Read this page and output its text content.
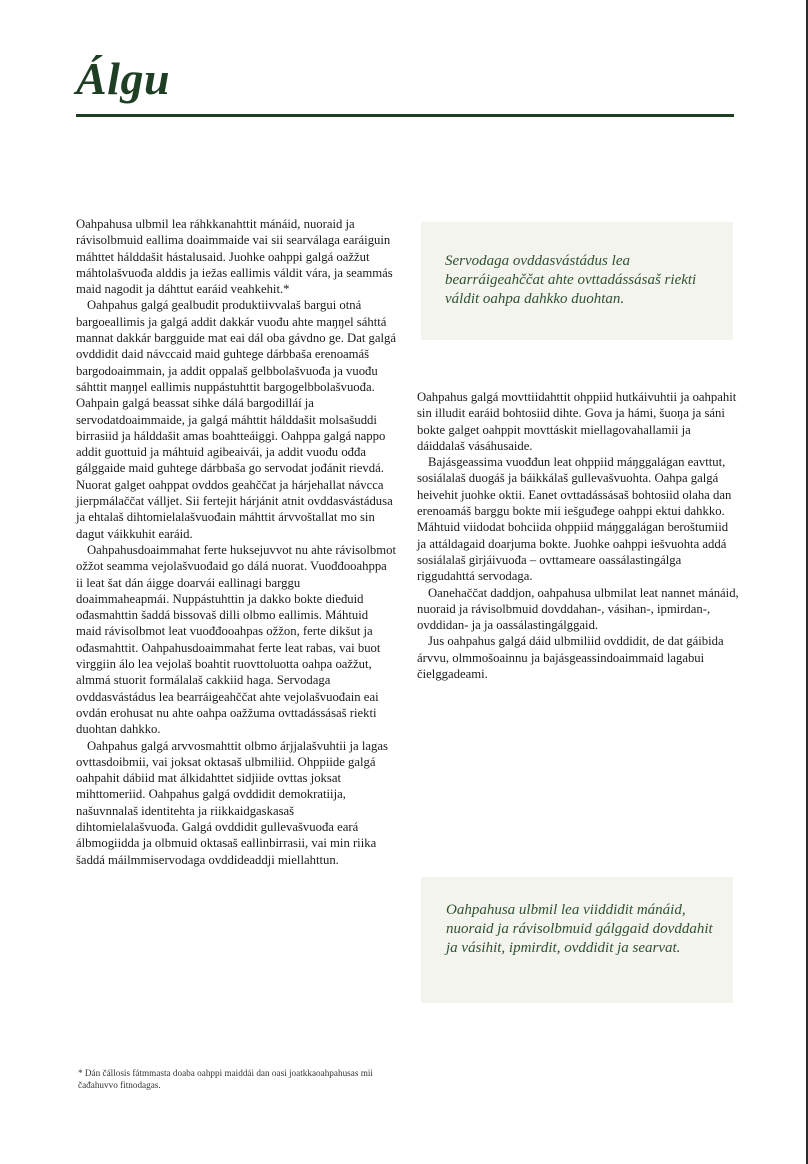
Álgu

Oahpahusa ulbmil lea ráhkkanahttit mánáid, nuoraid ja rávisolbmuid eallima doaimmaide vai sii searválaga earáiguin máhttet hálddašit hástalusaid. Juohke oahppi galgá oažžut máhtolašvuođa alddis ja iežas eallimis váldit vára, ja seammás maid nagodit ja dáhttut earáid veahkehit.*

Oahpahus galgá gealbudit produktiivvalaš bargui otná bargoeallimis ja galgá addit dakkár vuođu ahte maŋŋel sáhttá mannat dakkár bargguide mat eai dál oba gávdno ge. Dat galgá ovddidit daid návccaid maid guhtege dárbbaša erenoamáš bargodoaimmain, ja addit oppalaš gelbbolašvuođa ja vuođu sáhttit maŋŋel eallimis nuppástuhttit bargogelbbolašvuođa. Oahpain galgá beassat sihke dálá bargodilláí ja servodatdoaimmaide, ja galgá máhttit hálddašit molsašuddi birrasiid ja hálddašit amas boahtteáiggi. Oahppa galgá nappo addit guottuid ja máhtuid agibeaivái, ja addit vuođu ođđa gálggaide maid guhtege dárbbaša go servodat jođánit rievdá. Nuorat galget oahppat ovddos geahččat ja hárjehallat návcca jierpmálaččat válljet. Sii fertejit hárjánit atnit ovddasvástádusa ja ehtalaš dihtomielalašvuođain máhttit árvvoštallat mo sin dagut váikkuhit earáid.

Oahpahusdoaimmahat ferte huksejuvvot nu ahte rávisolbmot ožžot seamma vejolašvuođaid go dálá nuorat. Vuođđooahppa ii leat šat dán áigge doarvái eallinagi barggu doaimmaheapmái. Nuppástuhttin ja dakko bokte dieđuid ođasmahttin šaddá bissovaš dilli olbmo eallimis. Máhtuid maid rávisolbmot leat vuođđooahpas ožžon, ferte dikšut ja ođasmahttit. Oahpahusdoaimmahat ferte leat rabas, vai buot virggiin álo lea vejolaš boahtit ruovttoluotta oahpa oažžut, almmá stuorit formálalaš cakkiid haga. Servodaga ovddasvástádus lea bearráigeahččat ahte vejolašvuođain eai ovdán erohusat nu ahte oahpa oažžuma ovttadássásaš riekti duohtan dahkko.

Oahpahus galgá arvvosmahttit olbmo árjjalašvuhtii ja lagas ovttasdoibmii, vai joksat oktasaš ulbmiliid. Ohppiide galgá oahpahit dábiid mat álkidahttet sidjiide ovttas joksat mihttomeriid. Oahpahus galgá ovddidit demokratiija, našuvnnalaš identitehta ja riikkaidgaskasaš dihtomielalašvuođa. Galgá ovddidit gullevašvuođa eará álbmogiidda ja olbmuid oktasaš eallinbirrasii, vai min riika šaddá máilmmiservodaga ovddideaddji miellahttun.

Servodaga ovddasvástádus lea bearráigeahččat ahte ovttadássásaš riekti váldit oahpa dahkko duohtan.

Oahpahus galgá movttiidahttit ohppiid hutkáivuhtii ja oahpahit sin illudit earáid bohtosiid dihte. Gova ja hámi, šuoŋa ja sáni bokte galget oahppit movttáskit miellagovahallamii ja dáiddalaš vásáhusaide.

Bajásgeassima vuođđun leat ohppiid máŋggalágan eavttut, sosiálalaš duogáš ja báikkálaš gullevašvuohta. Oahpa galgá heivehit juohke oktii. Eanet ovttadássásaš bohtosiid olaha dan erenoamáš barggu bokte mii iešguđege oahppi ektui dahkko. Máhtuid viidodat bohciida ohppiid máŋggalágan beroštumiid ja attáldagaid doarjuma bokte. Juohke oahppi iešvuohta addá sosiálalaš girjáivuođa – ovttameare oassálastingálga riggudahttá servodaga.

Oanehaččat daddjon, oahpahusa ulbmilat leat nannet mánáid, nuoraid ja rávisolbmuid dovddahan-, vásihan-, ipmirdan-, ovddidan- ja ja oassálastingálggaid.

Jus oahpahus galgá dáid ulbmiliid ovddidit, de dat gáibida árvvu, olmmošoainnu ja bajásgeassindoaimmaid lagabui čielggadeami.

Oahpahusa ulbmil lea viiddidit mánáid, nuoraid ja rávisolbmuid gálggaid dovddahit ja vásihit, ipmirdit, ovddidit ja searvat.
* Dán čállosis fátmmasta doaba oahppi maiddái dan oasi joatkkaoahpahusas mii čađahuvvo fitnodagas.
